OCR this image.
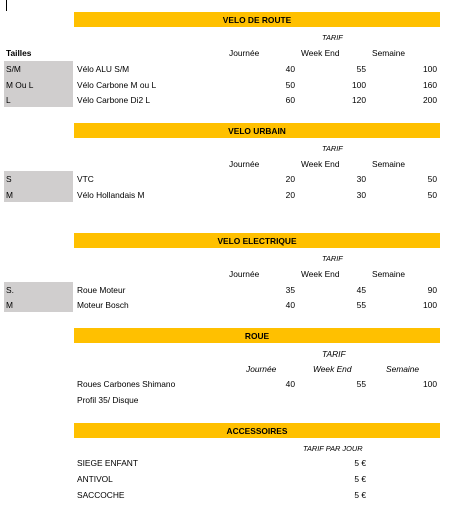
VELO DE ROUTE
TARIF
Tailles	Journée	Week End	Semaine
S/M	Vélo ALU S/M	40	55	100
M Ou L	Vélo Carbone M ou L	50	100	160
L	Vélo Carbone Di2 L	60	120	200
VELO URBAIN
TARIF
Journée	Week End	Semaine
S	VTC	20	30	50
M	Vélo Hollandais M	20	30	50
VELO ELECTRIQUE
TARIF
Journée	Week End	Semaine
S.	Roue Moteur	35	45	90
M	Moteur Bosch	40	55	100
ROUE
TARIF
Journée	Week End	Semaine
Roues Carbones Shimano	40	55	100
Profil 35/ Disque
ACCESSOIRES
TARIF PAR JOUR
SIEGE ENFANT	5 €
ANTIVOL	5 €
SACCOCHE	5 €
